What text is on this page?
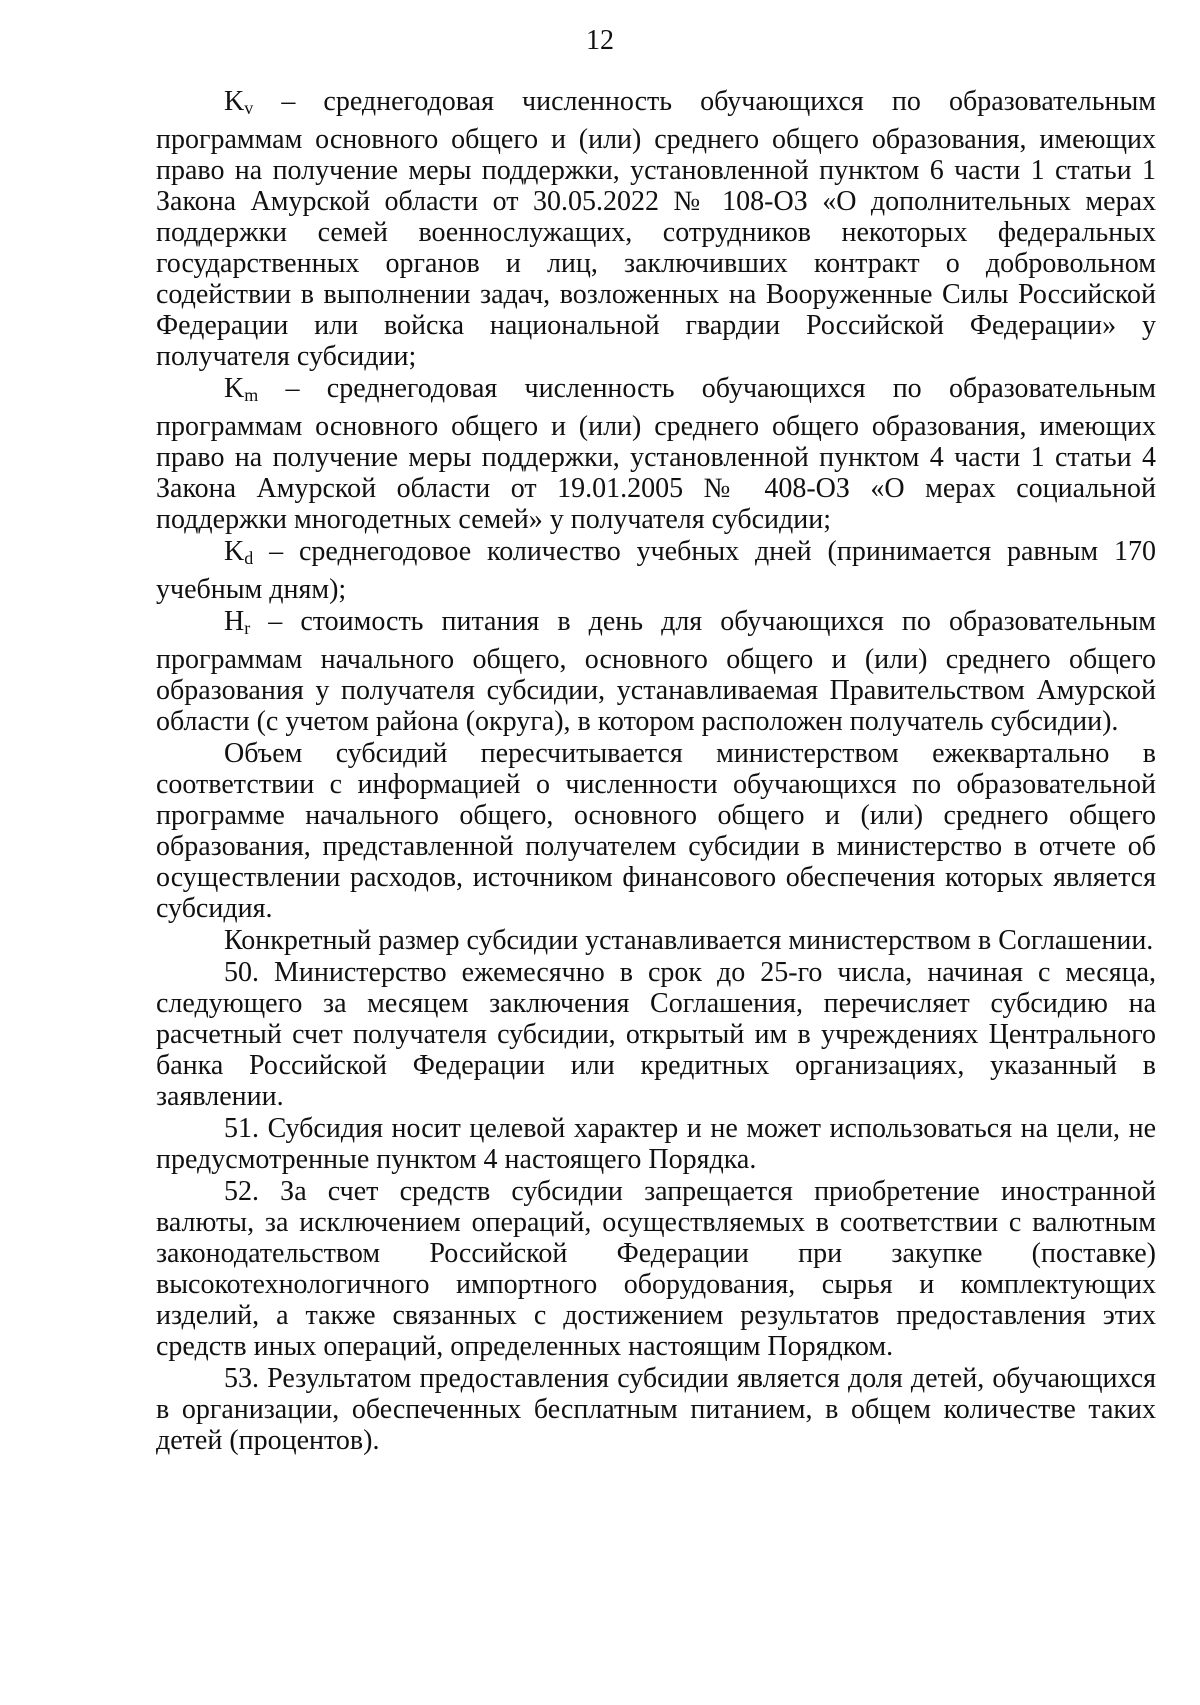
12

Kv – среднегодовая численность обучающихся по образовательным программам основного общего и (или) среднего общего образования, имеющих право на получение меры поддержки, установленной пунктом 6 части 1 статьи 1 Закона Амурской области от 30.05.2022 № 108-ОЗ «О дополнительных мерах поддержки семей военнослужащих, сотрудников некоторых федеральных государственных органов и лиц, заключивших контракт о добровольном содействии в выполнении задач, возложенных на Вооруженные Силы Российской Федерации или войска национальной гвардии Российской Федерации» у получателя субсидии;

Km – среднегодовая численность обучающихся по образовательным программам основного общего и (или) среднего общего образования, имеющих право на получение меры поддержки, установленной пунктом 4 части 1 статьи 4 Закона Амурской области от 19.01.2005 № 408-ОЗ «О мерах социальной поддержки многодетных семей» у получателя субсидии;

Kd – среднегодовое количество учебных дней (принимается равным 170 учебным дням);

Hr – стоимость питания в день для обучающихся по образовательным программам начального общего, основного общего и (или) среднего общего образования у получателя субсидии, устанавливаемая Правительством Амурской области (с учетом района (округа), в котором расположен получатель субсидии).

Объем субсидий пересчитывается министерством ежеквартально в соответствии с информацией о численности обучающихся по образовательной программе начального общего, основного общего и (или) среднего общего образования, представленной получателем субсидии в министерство в отчете об осуществлении расходов, источником финансового обеспечения которых является субсидия.

Конкретный размер субсидии устанавливается министерством в Соглашении.

50. Министерство ежемесячно в срок до 25-го числа, начиная с месяца, следующего за месяцем заключения Соглашения, перечисляет субсидию на расчетный счет получателя субсидии, открытый им в учреждениях Центрального банка Российской Федерации или кредитных организациях, указанный в заявлении.

51. Субсидия носит целевой характер и не может использоваться на цели, не предусмотренные пунктом 4 настоящего Порядка.

52. За счет средств субсидии запрещается приобретение иностранной валюты, за исключением операций, осуществляемых в соответствии с валютным законодательством Российской Федерации при закупке (поставке) высокотехнологичного импортного оборудования, сырья и комплектующих изделий, а также связанных с достижением результатов предоставления этих средств иных операций, определенных настоящим Порядком.

53. Результатом предоставления субсидии является доля детей, обучающихся в организации, обеспеченных бесплатным питанием, в общем количестве таких детей (процентов).
